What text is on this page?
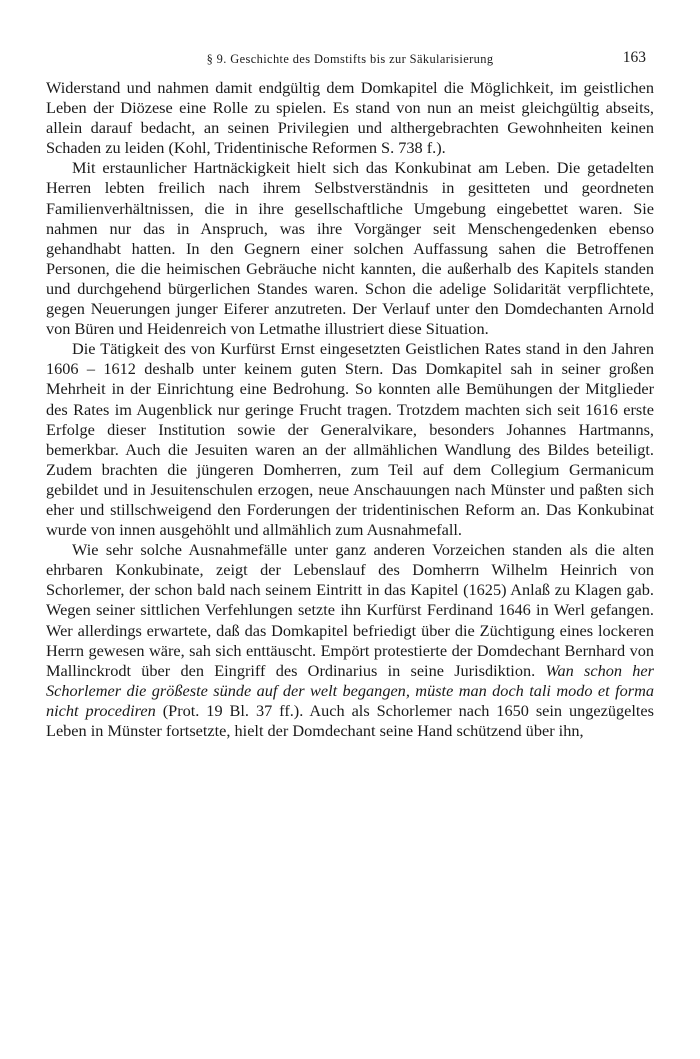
§ 9. Geschichte des Domstifts bis zur Säkularisierung	163

Widerstand und nahmen damit endgültig dem Domkapitel die Möglichkeit, im geistlichen Leben der Diözese eine Rolle zu spielen. Es stand von nun an meist gleichgültig abseits, allein darauf bedacht, an seinen Privilegien und althergebrachten Gewohnheiten keinen Schaden zu leiden (Kohl, Tridentinische Reformen S. 738 f.).

Mit erstaunlicher Hartnäckigkeit hielt sich das Konkubinat am Leben. Die getadelten Herren lebten freilich nach ihrem Selbstverständnis in gesitteten und geordneten Familienverhältnissen, die in ihre gesellschaftliche Umgebung eingebettet waren. Sie nahmen nur das in Anspruch, was ihre Vorgänger seit Menschengedenken ebenso gehandhabt hatten. In den Gegnern einer solchen Auffassung sahen die Betroffenen Personen, die die heimischen Gebräuche nicht kannten, die außerhalb des Kapitels standen und durchgehend bürgerlichen Standes waren. Schon die adelige Solidarität verpflichtete, gegen Neuerungen junger Eiferer anzutreten. Der Verlauf unter den Domdechanten Arnold von Büren und Heidenreich von Letmathe illustriert diese Situation.

Die Tätigkeit des von Kurfürst Ernst eingesetzten Geistlichen Rates stand in den Jahren 1606 – 1612 deshalb unter keinem guten Stern. Das Domkapitel sah in seiner großen Mehrheit in der Einrichtung eine Bedrohung. So konnten alle Bemühungen der Mitglieder des Rates im Augenblick nur geringe Frucht tragen. Trotzdem machten sich seit 1616 erste Erfolge dieser Institution sowie der Generalvikare, besonders Johannes Hartmanns, bemerkbar. Auch die Jesuiten waren an der allmählichen Wandlung des Bildes beteiligt. Zudem brachten die jüngeren Domherren, zum Teil auf dem Collegium Germanicum gebildet und in Jesuitenschulen erzogen, neue Anschauungen nach Münster und paßten sich eher und stillschweigend den Forderungen der tridentinischen Reform an. Das Konkubinat wurde von innen ausgehöhlt und allmählich zum Ausnahmefall.

Wie sehr solche Ausnahmefälle unter ganz anderen Vorzeichen standen als die alten ehrbaren Konkubinate, zeigt der Lebenslauf des Domherrn Wilhelm Heinrich von Schorlemer, der schon bald nach seinem Eintritt in das Kapitel (1625) Anlaß zu Klagen gab. Wegen seiner sittlichen Verfehlungen setzte ihn Kurfürst Ferdinand 1646 in Werl gefangen. Wer allerdings erwartete, daß das Domkapitel befriedigt über die Züchtigung eines lockeren Herrn gewesen wäre, sah sich enttäuscht. Empört protestierte der Domdechant Bernhard von Mallinckrodt über den Eingriff des Ordinarius in seine Jurisdiktion. Wan schon her Schorlemer die größeste sünde auf der welt begangen, müste man doch tali modo et forma nicht procediren (Prot. 19 Bl. 37 ff.). Auch als Schorlemer nach 1650 sein ungezügeltes Leben in Münster fortsetzte, hielt der Domdechant seine Hand schützend über ihn,
